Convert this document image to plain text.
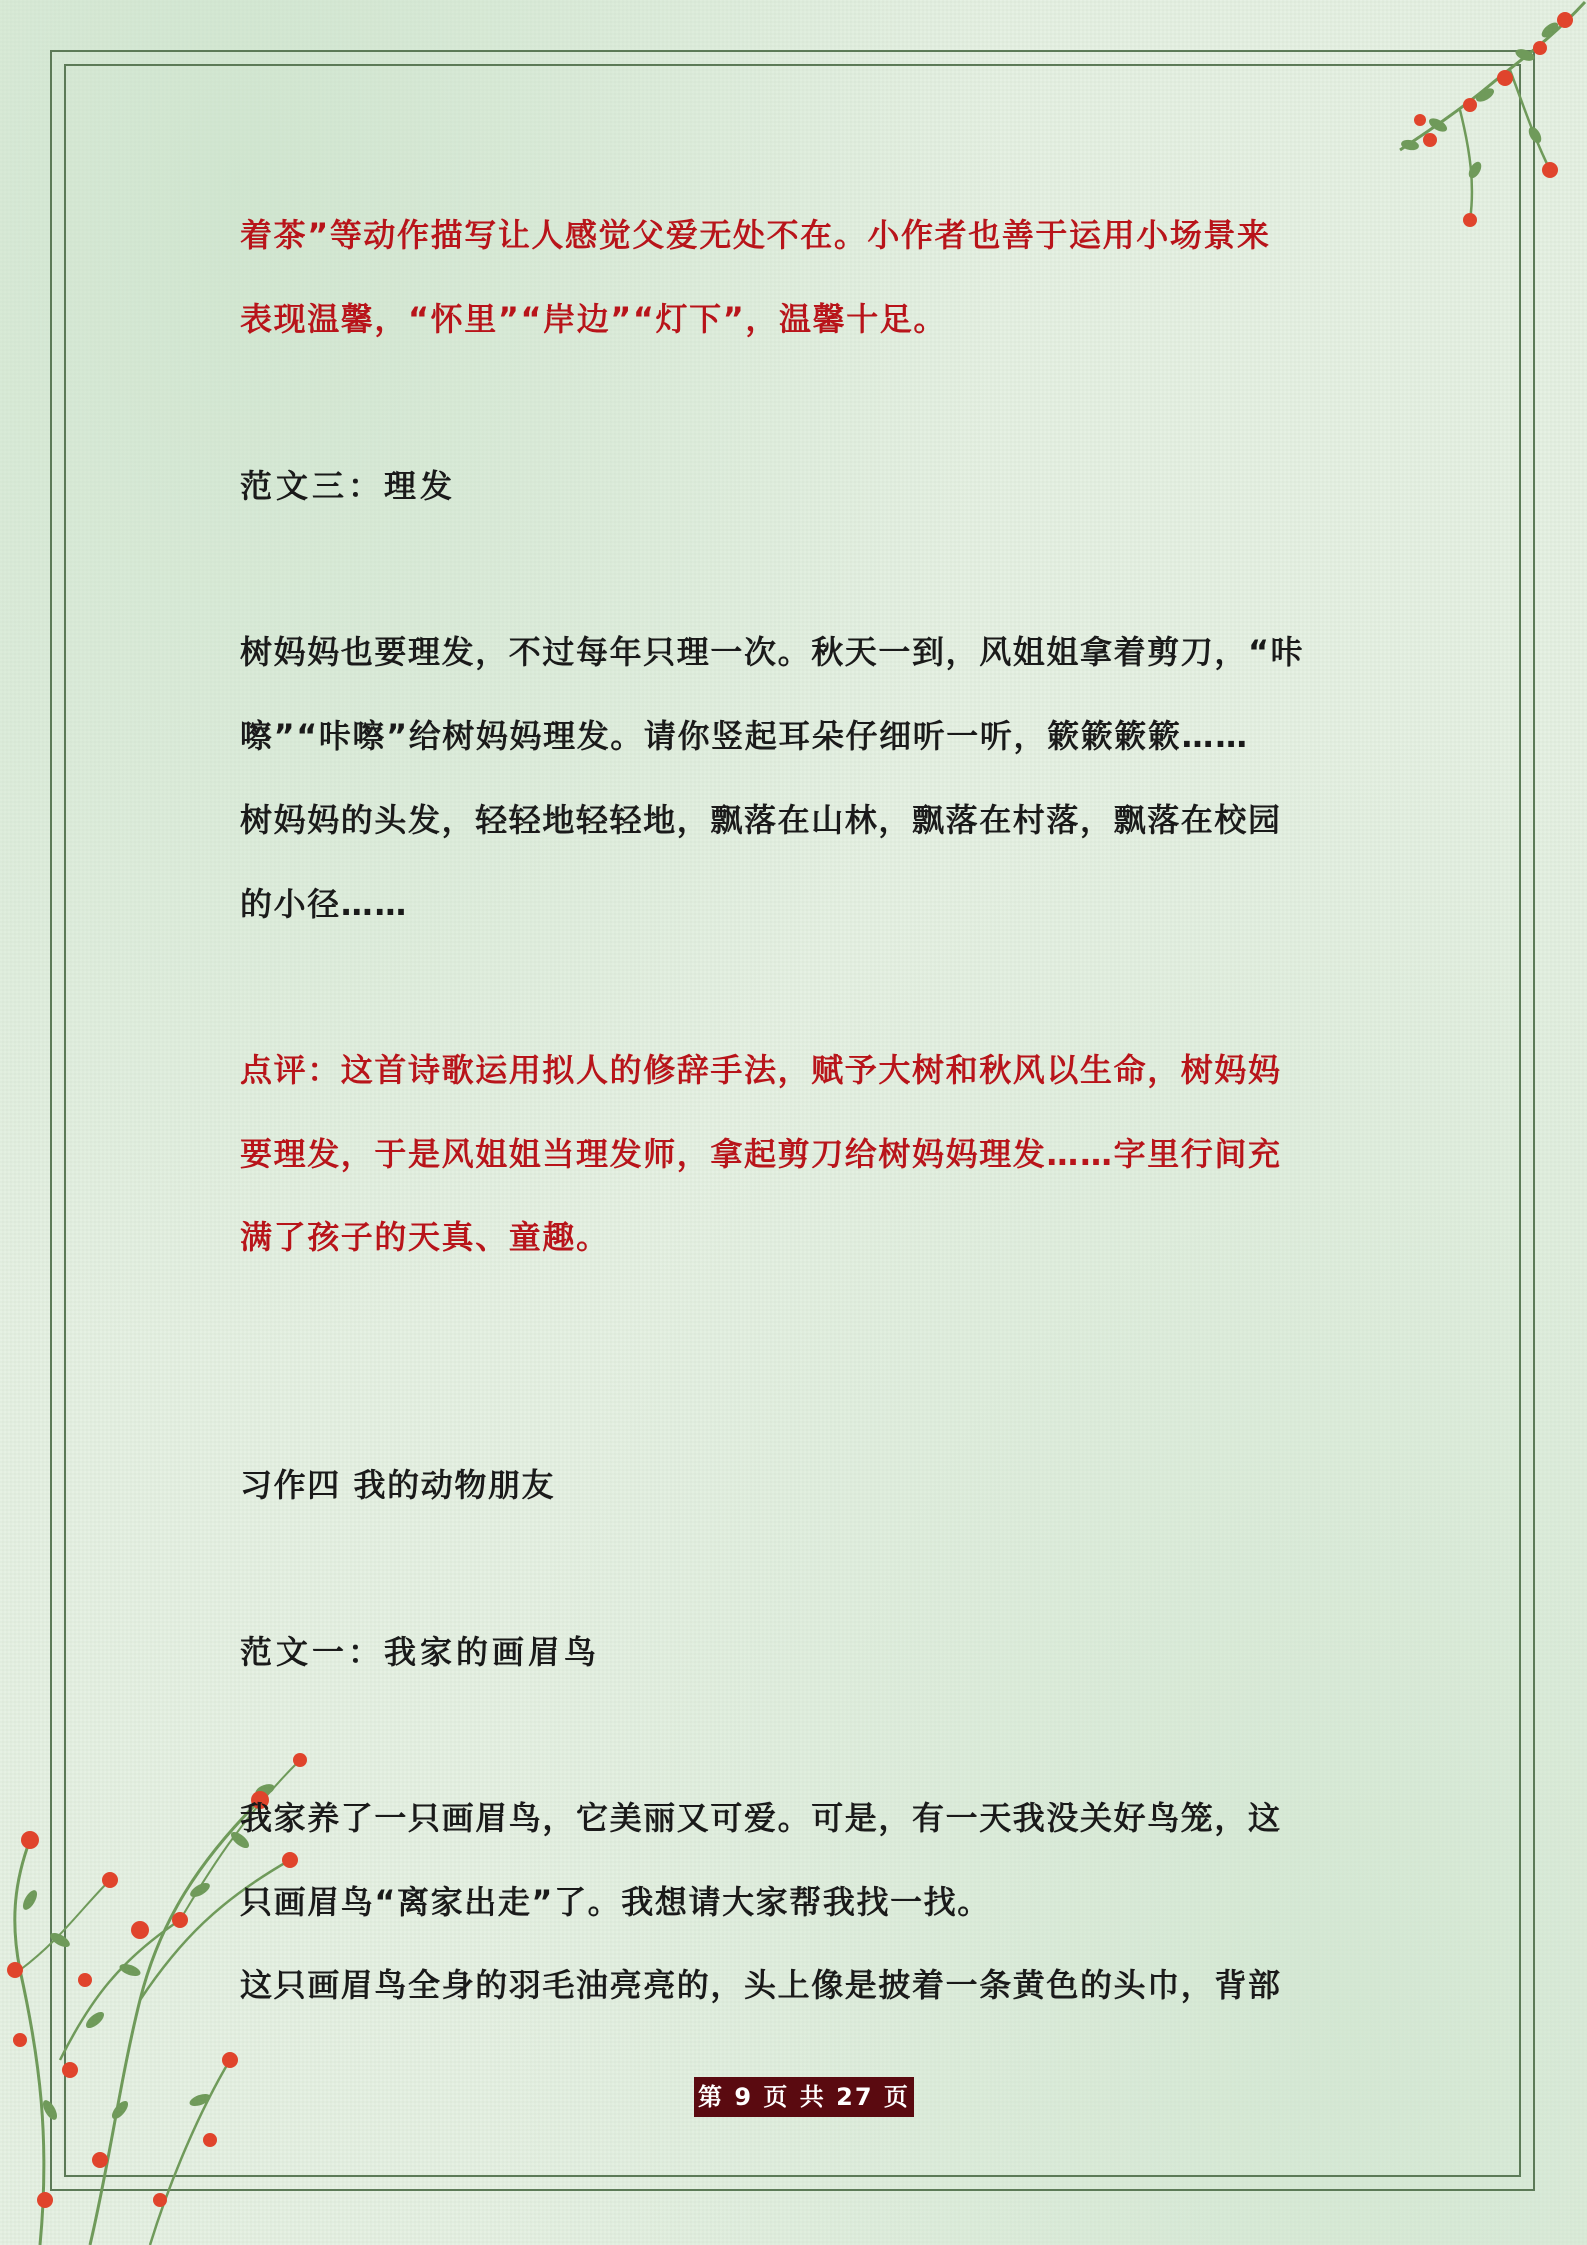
着茶”等动作描写让人感觉父爱无处不在。小作者也善于运用小场景来
表现温馨，“怀里”“岸边”“灯下”，温馨十足。
范文三：理发
树妈妈也要理发，不过每年只理一次。秋天一到，风姐姐拿着剪刀，“咔
嚓”“咔嚓”给树妈妈理发。请你竖起耳朵仔细听一听，簌簌簌簌……
树妈妈的头发，轻轻地轻轻地，飘落在山林，飘落在村落，飘落在校园
的小径……
点评：这首诗歌运用拟人的修辞手法，赋予大树和秋风以生命，树妈妈
要理发，于是风姐姐当理发师，拿起剪刀给树妈妈理发……字里行间充
满了孩子的天真、童趣。
习作四 我的动物朋友
范文一：我家的画眉鸟
我家养了一只画眉鸟，它美丽又可爱。可是，有一天我没关好鸟笼，这
只画眉鸟“离家出走”了。我想请大家帮我找一找。
这只画眉鸟全身的羽毛油亮亮的，头上像是披着一条黄色的头巾，背部
第 9 页 共 27 页
